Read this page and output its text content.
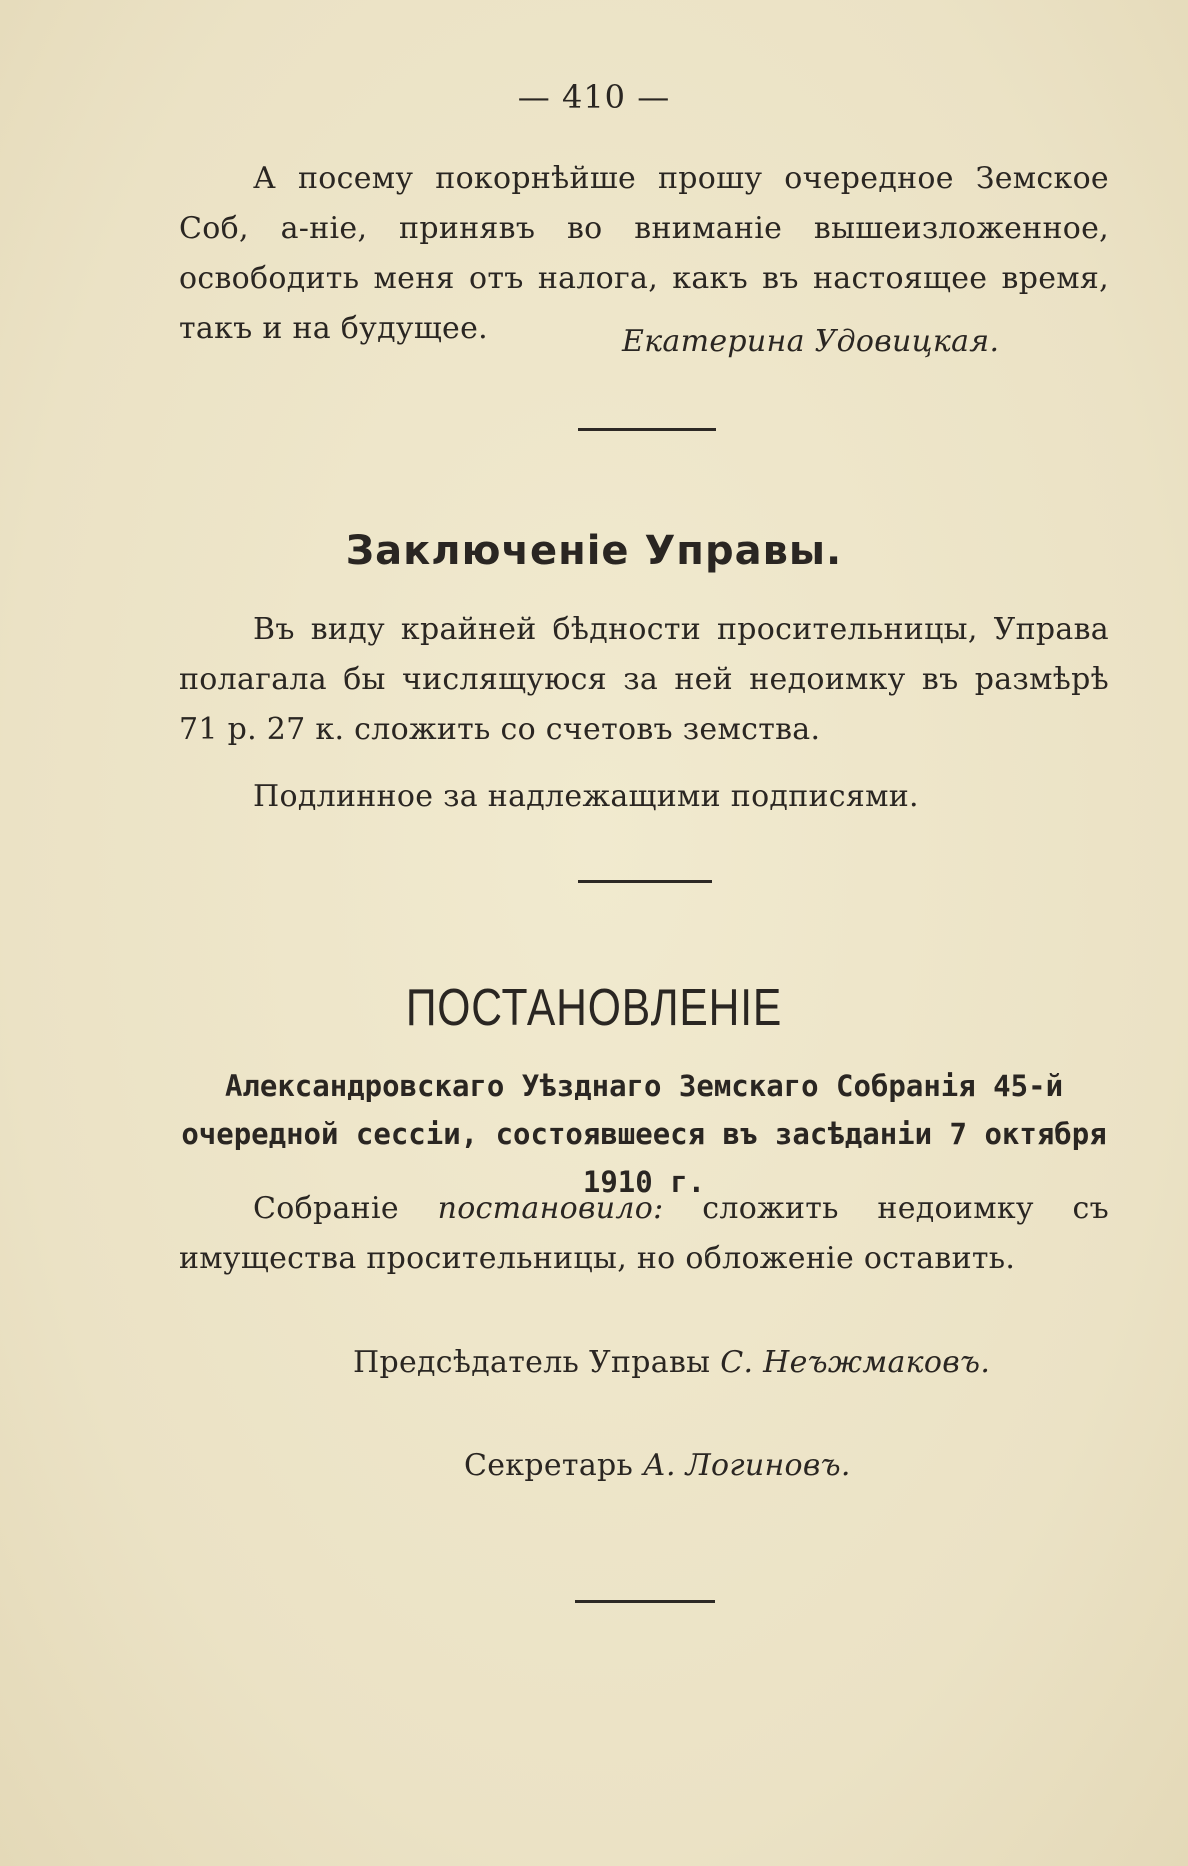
— 410 —
А посему покорнѣйше прошу очередное Земское Соб, а-ніе, принявъ во вниманіе вышеизложенное, освободить меня отъ налога, какъ въ настоящее время, такъ и на будущее.	Екатерина Удовицкая.
Заключеніе Управы.
Въ виду крайней бѣдности просительницы, Управа полагала бы числящуюся за ней недоимку въ размѣрѣ 71 р. 27 к. сложить со счетовъ земства.
Подлинное за надлежащими подписями.
ПОСТАНОВЛЕНІЕ
Александровскаго Уѣзднаго Земскаго Собранія 45-й очередной сессіи, состоявшееся въ засѣданіи 7 октября 1910 г.
Собраніе постановило: сложить недоимку съ имущества просительницы, но обложеніе оставить.
Предсѣдатель Управы С. Неъжмаковъ.
Секретарь А. Логиновъ.
